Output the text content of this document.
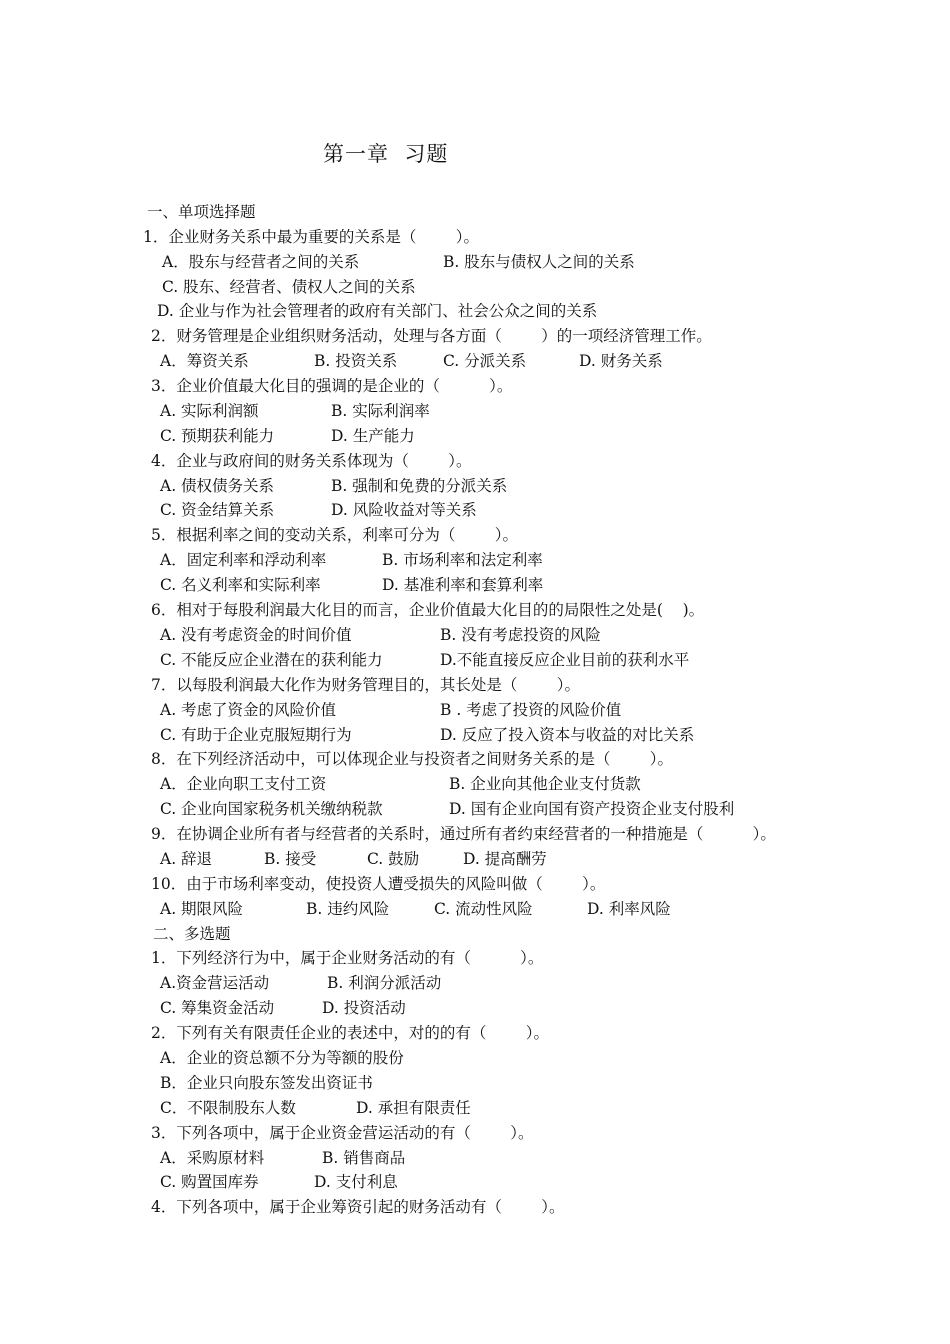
第一章  习题
一、单项选择题
1．企业财务关系中最为重要的关系是（        ）。
A．股东与经营者之间的关系	B. 股东与债权人之间的关系
C. 股东、经营者、债权人之间的关系
D. 企业与作为社会管理者的政府有关部门、社会公众之间的关系
2．财务管理是企业组织财务活动，处理与各方面（        ）的一项经济管理工作。
A．筹资关系	B. 投资关系	C. 分派关系	D. 财务关系
3．企业价值最大化目的强调的是企业的（          ）。
A. 实际利润额	B. 实际利润率
C. 预期获利能力	D. 生产能力
4．企业与政府间的财务关系体现为（        ）。
A. 债权债务关系	B. 强制和免费的分派关系
C. 资金结算关系	D. 风险收益对等关系
5．根据利率之间的变动关系，利率可分为（        ）。
A．固定利率和浮动利率	B. 市场利率和法定利率
C. 名义利率和实际利率	D. 基准利率和套算利率
6．相对于每股利润最大化目的而言，企业价值最大化目的的局限性之处是(    )。
A. 没有考虑资金的时间价值	B. 没有考虑投资的风险
C. 不能反应企业潜在的获利能力	D.不能直接反应企业目前的获利水平
7．以每股利润最大化作为财务管理目的，其长处是（        ）。
A. 考虑了资金的风险价值	B . 考虑了投资的风险价值
C. 有助于企业克服短期行为	D. 反应了投入资本与收益的对比关系
8．在下列经济活动中，可以体现企业与投资者之间财务关系的是（        ）。
A．企业向职工支付工资	B. 企业向其他企业支付货款
C. 企业向国家税务机关缴纳税款	D. 国有企业向国有资产投资企业支付股利
9．在协调企业所有者与经营者的关系时，通过所有者约束经营者的一种措施是（          ）。
A. 辞退	B. 接受	C. 鼓励	D. 提高酬劳
10．由于市场利率变动，使投资人遭受损失的风险叫做（        ）。
A. 期限风险	B. 违约风险	C. 流动性风险	D. 利率风险
二、多选题
1．下列经济行为中，属于企业财务活动的有（          ）。
A.资金营运活动	B. 利润分派活动
C. 筹集资金活动	D. 投资活动
2．下列有关有限责任企业的表述中，对的的有（        ）。
A．企业的资总额不分为等额的股份
B．企业只向股东签发出资证书
C．不限制股东人数	D. 承担有限责任
3．下列各项中，属于企业资金营运活动的有（        ）。
A．采购原材料	B. 销售商品
C. 购置国库券	D. 支付利息
4．下列各项中，属于企业筹资引起的财务活动有（        ）。
